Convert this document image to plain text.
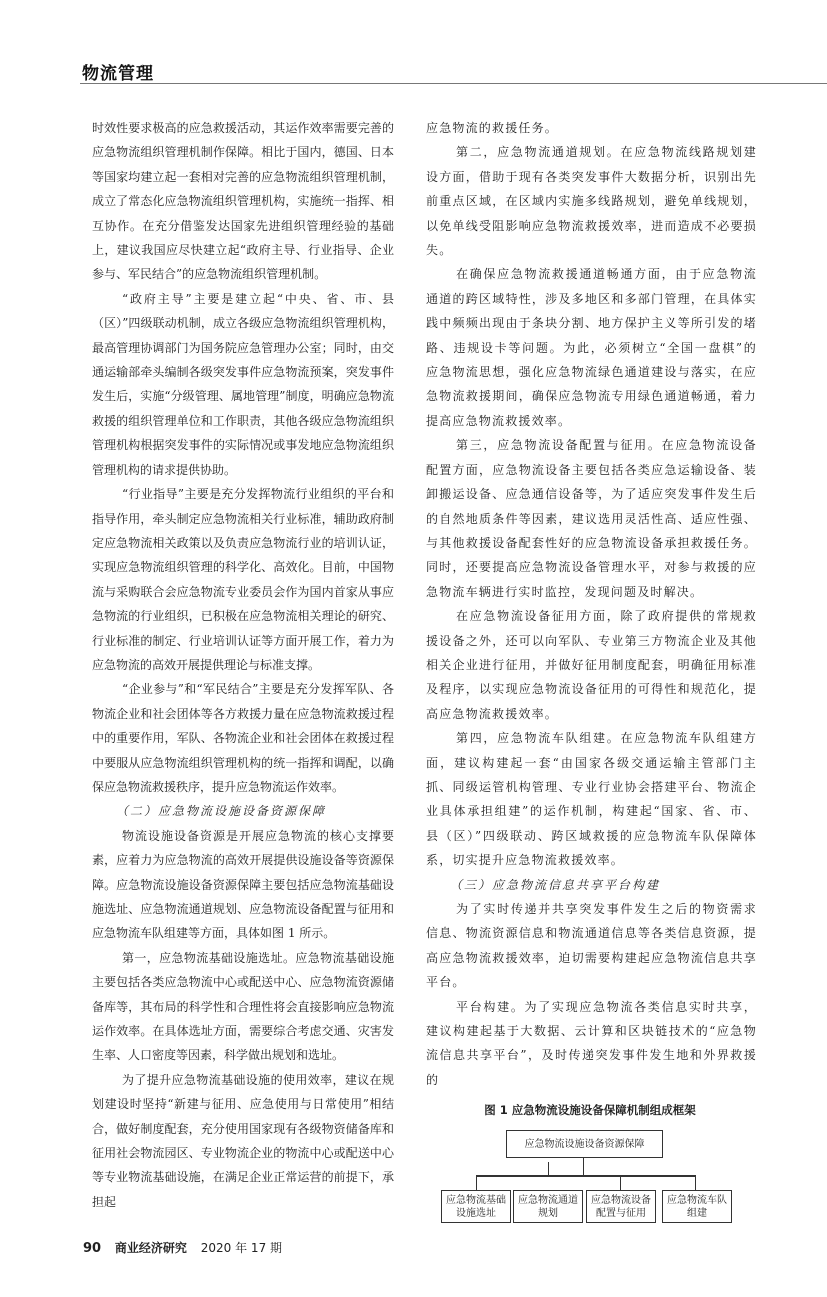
物流管理

时效性要求极高的应急救援活动，其运作效率需要完善的应急物流组织管理机制作保障。相比于国内，德国、日本等国家均建立起一套相对完善的应急物流组织管理机制，成立了常态化应急物流组织管理机构，实施统一指挥、相互协作。在充分借鉴发达国家先进组织管理经验的基础上，建议我国应尽快建立起“政府主导、行业指导、企业参与、军民结合”的应急物流组织管理机制。

“政府主导”主要是建立起“中央、省、市、县（区）”四级联动机制，成立各级应急物流组织管理机构，最高管理协调部门为国务院应急管理办公室；同时，由交通运输部牵头编制各级突发事件应急物流预案，突发事件发生后，实施“分级管理、属地管理”制度，明确应急物流救援的组织管理单位和工作职责，其他各级应急物流组织管理机构根据突发事件的实际情况或事发地应急物流组织管理机构的请求提供协助。

“行业指导”主要是充分发挥物流行业组织的平台和指导作用，牵头制定应急物流相关行业标准，辅助政府制定应急物流相关政策以及负责应急物流行业的培训认证，实现应急物流组织管理的科学化、高效化。目前，中国物流与采购联合会应急物流专业委员会作为国内首家从事应急物流的行业组织，已积极在应急物流相关理论的研究、行业标准的制定、行业培训认证等方面开展工作，着力为应急物流的高效开展提供理论与标准支撑。

“企业参与”和“军民结合”主要是充分发挥军队、各物流企业和社会团体等各方救援力量在应急物流救援过程中的重要作用，军队、各物流企业和社会团体在救援过程中要服从应急物流组织管理机构的统一指挥和调配，以确保应急物流救援秩序，提升应急物流运作效率。

（二）应急物流设施设备资源保障

物流设施设备资源是开展应急物流的核心支撑要素，应着力为应急物流的高效开展提供设施设备等资源保障。应急物流设施设备资源保障主要包括应急物流基础设施选址、应急物流通道规划、应急物流设备配置与征用和应急物流车队组建等方面，具体如图 1 所示。

第一，应急物流基础设施选址。应急物流基础设施主要包括各类应急物流中心或配送中心、应急物流资源储备库等，其布局的科学性和合理性将会直接影响应急物流运作效率。在具体选址方面，需要综合考虑交通、灾害发生率、人口密度等因素，科学做出规划和选址。

为了提升应急物流基础设施的使用效率，建议在规划建设时坚持“新建与征用、应急使用与日常使用”相结合，做好制度配套，充分使用国家现有各级物资储备库和征用社会物流园区、专业物流企业的物流中心或配送中心等专业物流基础设施，在满足企业正常运营的前提下，承担起

应急物流的救援任务。

第二，应急物流通道规划。在应急物流线路规划建设方面，借助于现有各类突发事件大数据分析，识别出先前重点区域，在区域内实施多线路规划，避免单线规划，以免单线受阻影响应急物流救援效率，进而造成不必要损失。

在确保应急物流救援通道畅通方面，由于应急物流通道的跨区域特性，涉及多地区和多部门管理，在具体实践中频频出现由于条块分割、地方保护主义等所引发的堵路、违规设卡等问题。为此，必须树立“全国一盘棋”的应急物流思想，强化应急物流绿色通道建设与落实，在应急物流救援期间，确保应急物流专用绿色通道畅通，着力提高应急物流救援效率。

第三，应急物流设备配置与征用。在应急物流设备配置方面，应急物流设备主要包括各类应急运输设备、装卸搬运设备、应急通信设备等，为了适应突发事件发生后的自然地质条件等因素，建议选用灵活性高、适应性强、与其他救援设备配套性好的应急物流设备承担救援任务。同时，还要提高应急物流设备管理水平，对参与救援的应急物流车辆进行实时监控，发现问题及时解决。

在应急物流设备征用方面，除了政府提供的常规救援设备之外，还可以向军队、专业第三方物流企业及其他相关企业进行征用，并做好征用制度配套，明确征用标准及程序，以实现应急物流设备征用的可得性和规范化，提高应急物流救援效率。

第四，应急物流车队组建。在应急物流车队组建方面，建议构建起一套“由国家各级交通运输主管部门主抓、同级运管机构管理、专业行业协会搭建平台、物流企业具体承担组建”的运作机制，构建起“国家、省、市、县（区）”四级联动、跨区域救援的应急物流车队保障体系，切实提升应急物流救援效率。

（三）应急物流信息共享平台构建

为了实时传递并共享突发事件发生之后的物资需求信息、物流资源信息和物流通道信息等各类信息资源，提高应急物流救援效率，迫切需要构建起应急物流信息共享平台。

平台构建。为了实现应急物流各类信息实时共享，建议构建起基于大数据、云计算和区块链技术的“应急物流信息共享平台”，及时传递突发事件发生地和外界救援的

图 1 应急物流设施设备保障机制组成框架
应急物流设施设备资源保障
应急物流基础设施选址
应急物流通道规划
应急物流设备配置与征用
应急物流车队组建
90 商业经济研究 2020 年 17 期
